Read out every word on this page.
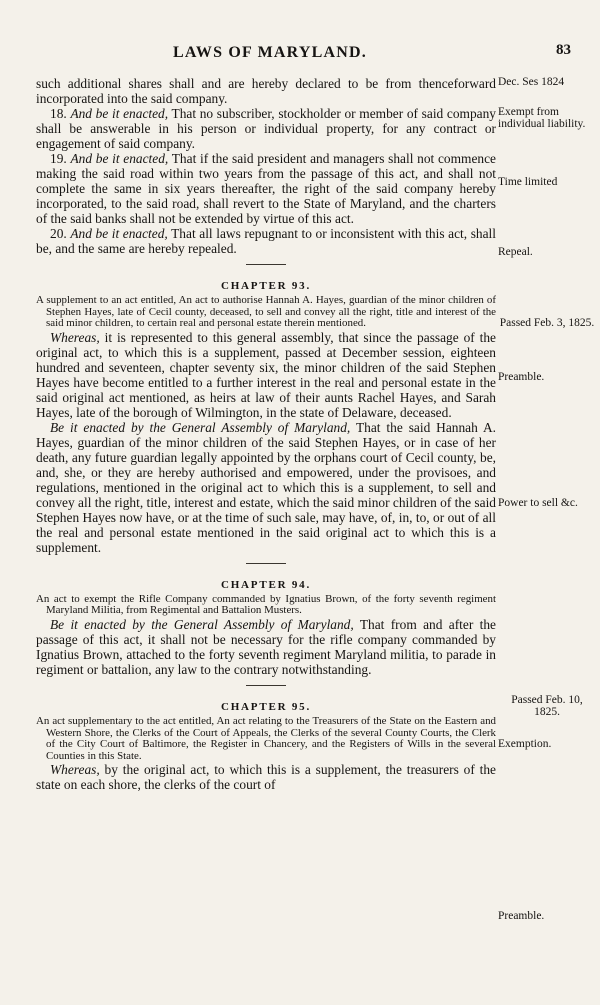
LAWS OF MARYLAND.	83

such additional shares shall and are hereby declared to be from thenceforward incorporated into the said company.

18. And be it enacted, That no subscriber, stockholder or member of said company shall be answerable in his person or individual property, for any contract or engagement of said company.

19. And be it enacted, That if the said president and managers shall not commence making the said road within two years from the passage of this act, and shall not complete the same in six years thereafter, the right of the said company hereby incorporated, to the said road, shall revert to the State of Maryland, and the charters of the said banks shall not be extended by virtue of this act.

20. And be it enacted, That all laws repugnant to or inconsistent with this act, shall be, and the same are hereby repealed.

CHAPTER 93.

A supplement to an act entitled, An act to authorise Hannah A. Hayes, guardian of the minor children of Stephen Hayes, late of Cecil county, deceased, to sell and convey all the right, title and interest of the said minor children, to certain real and personal estate therein mentioned.

Whereas, it is represented to this general assembly, that since the passage of the original act, to which this is a supplement, passed at December session, eighteen hundred and seventeen, chapter seventy six, the minor children of the said Stephen Hayes have become entitled to a further interest in the real and personal estate in the said original act mentioned, as heirs at law of their aunts Rachel Hayes, and Sarah Hayes, late of the borough of Wilmington, in the state of Delaware, deceased.

Be it enacted by the General Assembly of Maryland, That the said Hannah A. Hayes, guardian of the minor children of the said Stephen Hayes, or in case of her death, any future guardian legally appointed by the orphans court of Cecil county, be, and, she, or they are hereby authorised and empowered, under the provisoes, and regulations, mentioned in the original act to which this is a supplement, to sell and convey all the right, title, interest and estate, which the said minor children of the said Stephen Hayes now have, or at the time of such sale, may have, of, in, to, or out of all the real and personal estate mentioned in the said original act to which this is a supplement.

CHAPTER 94.

An act to exempt the Rifle Company commanded by Ignatius Brown, of the forty seventh regiment Maryland Militia, from Regimental and Battalion Musters.

Be it enacted by the General Assembly of Maryland, That from and after the passage of this act, it shall not be necessary for the rifle company commanded by Ignatius Brown, attached to the forty seventh regiment Maryland militia, to parade in regiment or battalion, any law to the contrary notwithstanding.

CHAPTER 95.

An act supplementary to the act entitled, An act relating to the Treasurers of the State on the Eastern and Western Shore, the Clerks of the Court of Appeals, the Clerks of the several County Courts, the Clerk of the City Court of Baltimore, the Register in Chancery, and the Registers of Wills in the several Counties in this State.

Whereas, by the original act, to which this is a supplement, the treasurers of the state on each shore, the clerks of the court of

Dec. Ses 1824
Exempt from individual liability.
Time limited
Repeal.
Passed Feb. 3, 1825.
Preamble.
Power to sell &c.
Passed Feb. 10, 1825.
Exemption.
Preamble.
